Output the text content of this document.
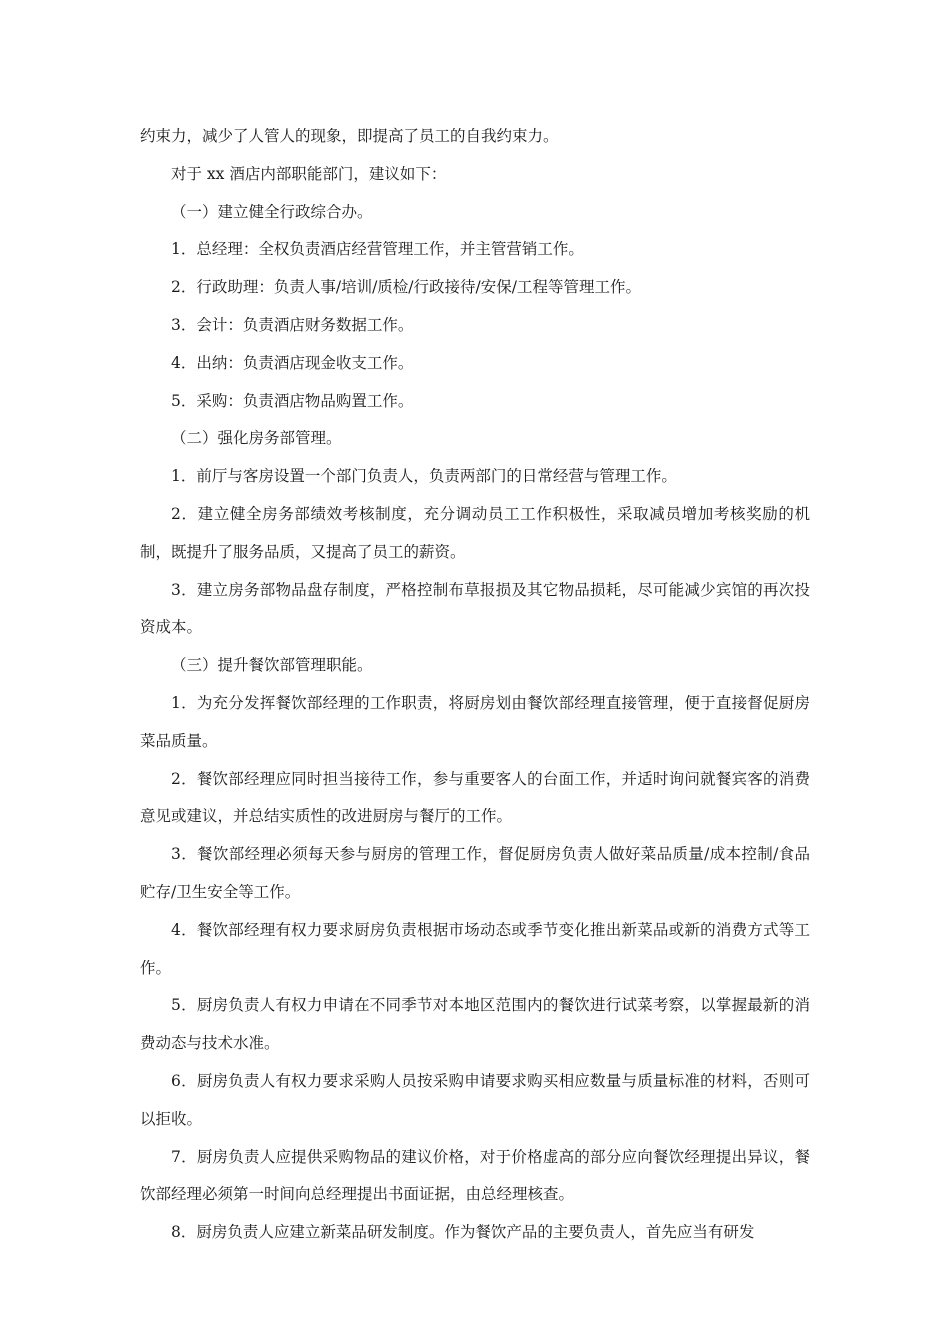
约束力，减少了人管人的现象，即提高了员工的自我约束力。

对于 xx 酒店内部职能部门，建议如下：

（一）建立健全行政综合办。

1．总经理：全权负责酒店经营管理工作，并主管营销工作。

2．行政助理：负责人事/培训/质检/行政接待/安保/工程等管理工作。

3．会计：负责酒店财务数据工作。

4．出纳：负责酒店现金收支工作。

5．采购：负责酒店物品购置工作。

（二）强化房务部管理。

1．前厅与客房设置一个部门负责人，负责两部门的日常经营与管理工作。

2．建立健全房务部绩效考核制度，充分调动员工工作积极性，采取减员增加考核奖励的机制，既提升了服务品质，又提高了员工的薪资。

3．建立房务部物品盘存制度，严格控制布草报损及其它物品损耗，尽可能减少宾馆的再次投资成本。

（三）提升餐饮部管理职能。

1．为充分发挥餐饮部经理的工作职责，将厨房划由餐饮部经理直接管理，便于直接督促厨房菜品质量。

2．餐饮部经理应同时担当接待工作，参与重要客人的台面工作，并适时询问就餐宾客的消费意见或建议，并总结实质性的改进厨房与餐厅的工作。

3．餐饮部经理必须每天参与厨房的管理工作，督促厨房负责人做好菜品质量/成本控制/食品贮存/卫生安全等工作。

4．餐饮部经理有权力要求厨房负责根据市场动态或季节变化推出新菜品或新的消费方式等工作。

5．厨房负责人有权力申请在不同季节对本地区范围内的餐饮进行试菜考察，以掌握最新的消费动态与技术水准。

6．厨房负责人有权力要求采购人员按采购申请要求购买相应数量与质量标准的材料，否则可以拒收。

7．厨房负责人应提供采购物品的建议价格，对于价格虚高的部分应向餐饮经理提出异议，餐饮部经理必须第一时间向总经理提出书面证据，由总经理核查。

8．厨房负责人应建立新菜品研发制度。作为餐饮产品的主要负责人，首先应当有研发
